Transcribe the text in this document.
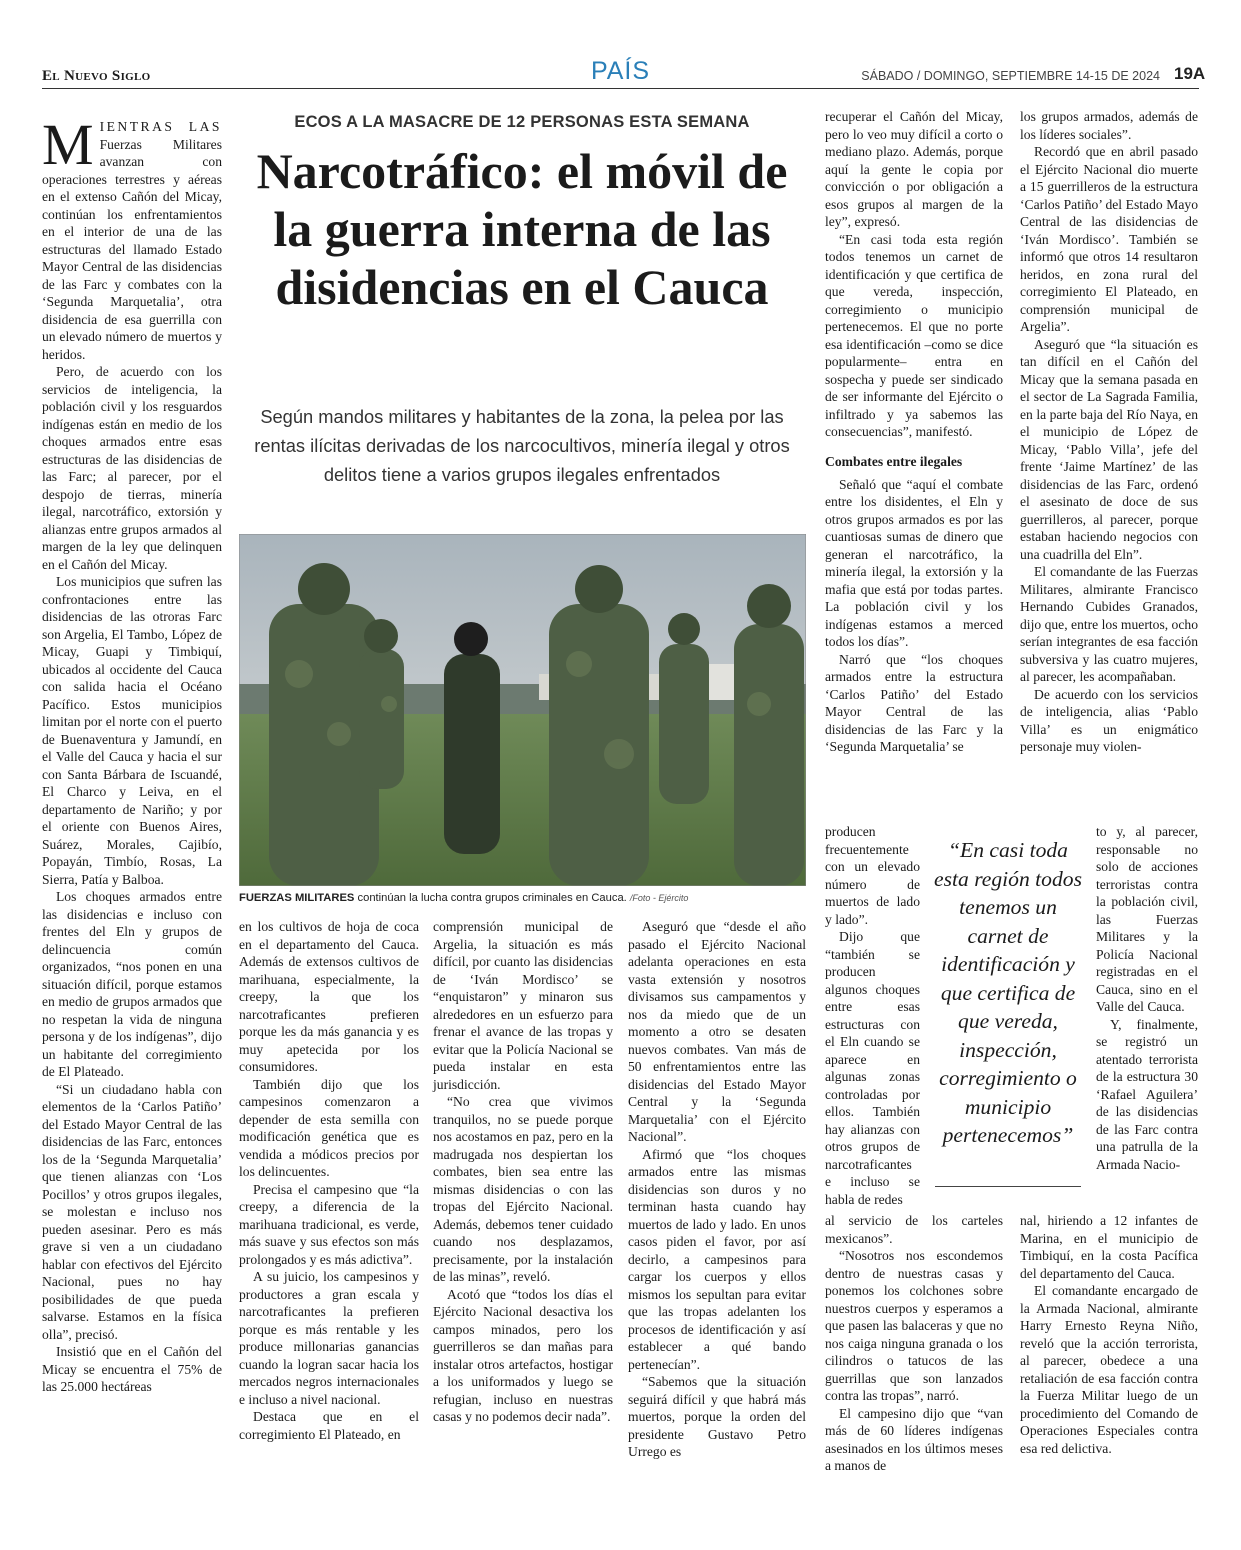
El Nuevo Siglo	PAÍS	SÁBADO / DOMINGO, SEPTIEMBRE 14-15 DE 2024 19A
ECOS A LA MASACRE DE 12 PERSONAS ESTA SEMANA
Narcotráfico: el móvil de la guerra interna de las disidencias en el Cauca

Según mandos militares y habitantes de la zona, la pelea por las rentas ilícitas derivadas de los narcocultivos, minería ilegal y otros delitos tiene a varios grupos ilegales enfrentados

FUERZAS MILITARES continúan la lucha contra grupos criminales en Cauca. /Foto - Ejército

MIENTRAS LAS Fuerzas Militares avanzan con operaciones terrestres y aéreas en el extenso Cañón del Micay, continúan los enfrentamientos en el interior de una de las estructuras del llamado Estado Mayor Central de las disidencias de las Farc y combates con la ‘Segunda Marquetalia’, otra disidencia de esa guerrilla con un elevado número de muertos y heridos.

Pero, de acuerdo con los servicios de inteligencia, la población civil y los resguardos indígenas están en medio de los choques armados entre esas estructuras de las disidencias de las Farc; al parecer, por el despojo de tierras, minería ilegal, narcotráfico, extorsión y alianzas entre grupos armados al margen de la ley que delinquen en el Cañón del Micay.

Los municipios que sufren las confrontaciones entre las disidencias de las otroras Farc son Argelia, El Tambo, López de Micay, Guapi y Timbiquí, ubicados al occidente del Cauca con salida hacia el Océano Pacífico. Estos municipios limitan por el norte con el puerto de Buenaventura y Jamundí, en el Valle del Cauca y hacia el sur con Santa Bárbara de Iscuandé, El Charco y Leiva, en el departamento de Nariño; y por el oriente con Buenos Aires, Suárez, Morales, Cajibío, Popayán, Timbío, Rosas, La Sierra, Patía y Balboa.

Los choques armados entre las disidencias e incluso con frentes del Eln y grupos de delincuencia común organizados, “nos ponen en una situación difícil, porque estamos en medio de grupos armados que no respetan la vida de ninguna persona y de los indígenas”, dijo un habitante del corregimiento de El Plateado.

“Si un ciudadano habla con elementos de la ‘Carlos Patiño’ del Estado Mayor Central de las disidencias de las Farc, entonces los de la ‘Segunda Marquetalia’ que tienen alianzas con ‘Los Pocillos’ y otros grupos ilegales, se molestan e incluso nos pueden asesinar. Pero es más grave si ven a un ciudadano hablar con efectivos del Ejército Nacional, pues no hay posibilidades de que pueda salvarse. Estamos en la física olla”, precisó.

Insistió que en el Cañón del Micay se encuentra el 75% de las 25.000 hectáreas

en los cultivos de hoja de coca en el departamento del Cauca. Además de extensos cultivos de marihuana, especialmente, la creepy, la que los narcotraficantes prefieren porque les da más ganancia y es muy apetecida por los consumidores.

También dijo que los campesinos comenzaron a depender de esta semilla con modificación genética que es vendida a módicos precios por los delincuentes.

Precisa el campesino que “la creepy, a diferencia de la marihuana tradicional, es verde, más suave y sus efectos son más prolongados y es más adictiva”.

A su juicio, los campesinos y productores a gran escala y narcotraficantes la prefieren porque es más rentable y les produce millonarias ganancias cuando la logran sacar hacia los mercados negros internacionales e incluso a nivel nacional.

Destaca que en el corregimiento El Plateado, en

comprensión municipal de Argelia, la situación es más difícil, por cuanto las disidencias de ‘Iván Mordisco’ se “enquistaron” y minaron sus alrededores en un esfuerzo para frenar el avance de las tropas y evitar que la Policía Nacional se pueda instalar en esta jurisdicción.

“No crea que vivimos tranquilos, no se puede porque nos acostamos en paz, pero en la madrugada nos despiertan los combates, bien sea entre las mismas disidencias o con las tropas del Ejército Nacional. Además, debemos tener cuidado cuando nos desplazamos, precisamente, por la instalación de las minas”, reveló.

Acotó que “todos los días el Ejército Nacional desactiva los campos minados, pero los guerrilleros se dan mañas para instalar otros artefactos, hostigar a los uniformados y luego se refugian, incluso en nuestras casas y no podemos decir nada”.

Aseguró que “desde el año pasado el Ejército Nacional adelanta operaciones en esta vasta extensión y nosotros divisamos sus campamentos y nos da miedo que de un momento a otro se desaten nuevos combates. Van más de 50 enfrentamientos entre las disidencias del Estado Mayor Central y la ‘Segunda Marquetalia’ con el Ejército Nacional”.

Afirmó que “los choques armados entre las mismas disidencias son duros y no terminan hasta cuando hay muertos de lado y lado. En unos casos piden el favor, por así decirlo, a campesinos para cargar los cuerpos y ellos mismos los sepultan para evitar que las tropas adelanten los procesos de identificación y así establecer a qué bando pertenecían”.

“Sabemos que la situación seguirá difícil y que habrá más muertos, porque la orden del presidente Gustavo Petro Urrego es

recuperar el Cañón del Micay, pero lo veo muy difícil a corto o mediano plazo. Además, porque aquí la gente le copia por convicción o por obligación a esos grupos al margen de la ley”, expresó.

“En casi toda esta región todos tenemos un carnet de identificación y que certifica de que vereda, inspección, corregimiento o municipio pertenecemos. El que no porte esa identificación –como se dice popularmente– entra en sospecha y puede ser sindicado de ser informante del Ejército o infiltrado y ya sabemos las consecuencias”, manifestó.

Combates entre ilegales

Señaló que “aquí el combate entre los disidentes, el Eln y otros grupos armados es por las cuantiosas sumas de dinero que generan el narcotráfico, la minería ilegal, la extorsión y la mafia que está por todas partes. La población civil y los indígenas estamos a merced todos los días”.

Narró que “los choques armados entre la estructura ‘Carlos Patiño’ del Estado Mayor Central de las disidencias de las Farc y la ‘Segunda Marquetalia’ se

producen frecuentemente con un elevado número de muertos de lado y lado”.

Dijo que “también se producen algunos choques entre esas estructuras con el Eln cuando se aparece en algunas zonas controladas por ellos. También hay alianzas con otros grupos de narcotraficantes e incluso se habla de redes

al servicio de los carteles mexicanos”.

“Nosotros nos escondemos dentro de nuestras casas y ponemos los colchones sobre nuestros cuerpos y esperamos a que pasen las balaceras y que no nos caiga ninguna granada o los cilindros o tatucos de las guerrillas que son lanzados contra las tropas”, narró.

El campesino dijo que “van más de 60 líderes indígenas asesinados en los últimos meses a manos de

los grupos armados, además de los líderes sociales”.

Recordó que en abril pasado el Ejército Nacional dio muerte a 15 guerrilleros de la estructura ‘Carlos Patiño’ del Estado Mayo Central de las disidencias de ‘Iván Mordisco’. También se informó que otros 14 resultaron heridos, en zona rural del corregimiento El Plateado, en comprensión municipal de Argelia”.

Aseguró que “la situación es tan difícil en el Cañón del Micay que la semana pasada en el sector de La Sagrada Familia, en la parte baja del Río Naya, en el municipio de López de Micay, ‘Pablo Villa’, jefe del frente ‘Jaime Martínez’ de las disidencias de las Farc, ordenó el asesinato de doce de sus guerrilleros, al parecer, porque estaban haciendo negocios con una cuadrilla del Eln”.

El comandante de las Fuerzas Militares, almirante Francisco Hernando Cubides Granados, dijo que, entre los muertos, ocho serían integrantes de esa facción subversiva y las cuatro mujeres, al parecer, les acompañaban.

De acuerdo con los servicios de inteligencia, alias ‘Pablo Villa’ es un enigmático personaje muy violen-

to y, al parecer, responsable no solo de acciones terroristas contra la población civil, las Fuerzas Militares y la Policía Nacional registradas en el Cauca, sino en el Valle del Cauca.

Y, finalmente, se registró un atentado terrorista de la estructura 30 ‘Rafael Aguilera’ de las disidencias de las Farc contra una patrulla de la Armada Nacio-

nal, hiriendo a 12 infantes de Marina, en el municipio de Timbiquí, en la costa Pacífica del departamento del Cauca.

El comandante encargado de la Armada Nacional, almirante Harry Ernesto Reyna Niño, reveló que la acción terrorista, al parecer, obedece a una retaliación de esa facción contra la Fuerza Militar luego de un procedimiento del Comando de Operaciones Especiales contra esa red delictiva.

“En casi toda esta región todos tenemos un carnet de identificación y que certifica de que vereda, inspección, corregimiento o municipio pertenecemos”
